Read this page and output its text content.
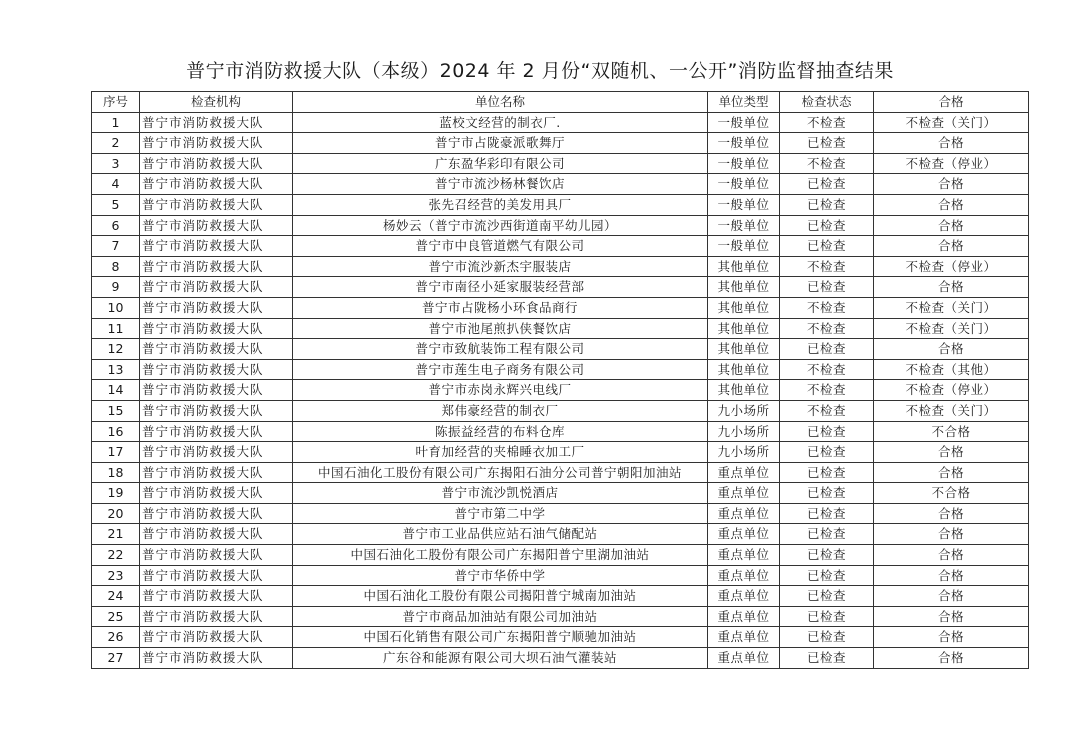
普宁市消防救援大队（本级）2024 年 2 月份“双随机、一公开”消防监督抽查结果
序号	检查机构	单位名称	单位类型	检查状态	合格
1	普宁市消防救援大队	蓝校文经营的制衣厂.	一般单位	不检查	不检查（关门）
2	普宁市消防救援大队	普宁市占陇豪派歌舞厅	一般单位	已检查	合格
3	普宁市消防救援大队	广东盈华彩印有限公司	一般单位	不检查	不检查（停业）
4	普宁市消防救援大队	普宁市流沙杨林餐饮店	一般单位	已检查	合格
5	普宁市消防救援大队	张先召经营的美发用具厂	一般单位	已检查	合格
6	普宁市消防救援大队	杨妙云（普宁市流沙西街道南平幼儿园）	一般单位	已检查	合格
7	普宁市消防救援大队	普宁市中良管道燃气有限公司	一般单位	已检查	合格
8	普宁市消防救援大队	普宁市流沙新杰宇服装店	其他单位	不检查	不检查（停业）
9	普宁市消防救援大队	普宁市南径小延家服装经营部	其他单位	已检查	合格
10	普宁市消防救援大队	普宁市占陇杨小环食品商行	其他单位	不检查	不检查（关门）
11	普宁市消防救援大队	普宁市池尾煎扒侠餐饮店	其他单位	不检查	不检查（关门）
12	普宁市消防救援大队	普宁市致航装饰工程有限公司	其他单位	已检查	合格
13	普宁市消防救援大队	普宁市莲生电子商务有限公司	其他单位	不检查	不检查（其他）
14	普宁市消防救援大队	普宁市赤岗永辉兴电线厂	其他单位	不检查	不检查（停业）
15	普宁市消防救援大队	郑伟豪经营的制衣厂	九小场所	不检查	不检查（关门）
16	普宁市消防救援大队	陈振益经营的布料仓库	九小场所	已检查	不合格
17	普宁市消防救援大队	叶育加经营的夹棉睡衣加工厂	九小场所	已检查	合格
18	普宁市消防救援大队	中国石油化工股份有限公司广东揭阳石油分公司普宁朝阳加油站	重点单位	已检查	合格
19	普宁市消防救援大队	普宁市流沙凯悦酒店	重点单位	已检查	不合格
20	普宁市消防救援大队	普宁市第二中学	重点单位	已检查	合格
21	普宁市消防救援大队	普宁市工业品供应站石油气储配站	重点单位	已检查	合格
22	普宁市消防救援大队	中国石油化工股份有限公司广东揭阳普宁里湖加油站	重点单位	已检查	合格
23	普宁市消防救援大队	普宁市华侨中学	重点单位	已检查	合格
24	普宁市消防救援大队	中国石油化工股份有限公司揭阳普宁城南加油站	重点单位	已检查	合格
25	普宁市消防救援大队	普宁市商品加油站有限公司加油站	重点单位	已检查	合格
26	普宁市消防救援大队	中国石化销售有限公司广东揭阳普宁顺驰加油站	重点单位	已检查	合格
27	普宁市消防救援大队	广东谷和能源有限公司大坝石油气灌装站	重点单位	已检查	合格
